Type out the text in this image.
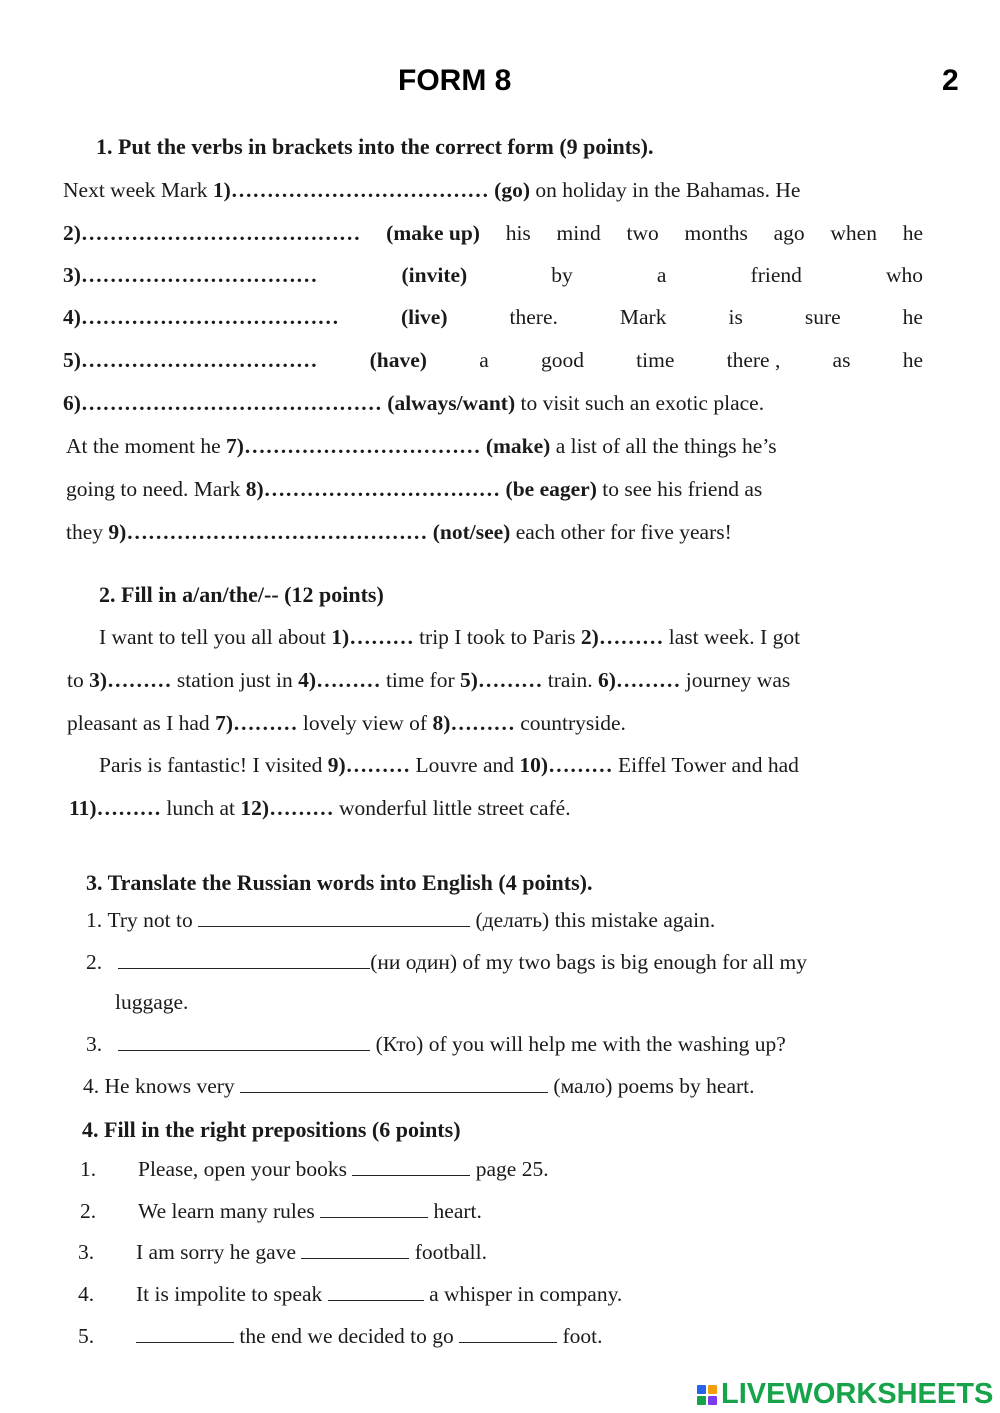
FORM 8	2
1. Put the verbs in brackets into the correct form (9 points).
Next week Mark 1)……………………………… (go) on holiday in the Bahamas. He
2)………………………………… (make up) his mind two months ago when he
3)……………………………	(invite)	by	a	friend	who
4)………………………………	(live)	there.	Mark	is	sure	he
5)…………………………… (have) a good time there , as he
6)…………………………………… (always/want) to visit such an exotic place.
At the moment he 7)…………………………… (make) a list of all the things he’s
going to need. Mark 8)…………………………… (be eager) to see his friend as
they 9)…………………………………… (not/see) each other for five years!
2. Fill in a/an/the/-- (12 points)
I want to tell you all about 1)……… trip I took to Paris 2)……… last week. I got
to 3)……… station just in 4)……… time for 5)……… train. 6)……… journey was
pleasant as I had 7)……… lovely view of 8)……… countryside.
Paris is fantastic! I visited 9)……… Louvre and 10)……… Eiffel Tower and had
11)……… lunch at 12)……… wonderful little street café.
3. Translate the Russian words into English (4 points).
1. Try not to	(делать) this mistake again.
2.	(ни один) of my two bags is big enough for all my
luggage.
3.	(Кто) of you will help me with the washing up?
4. He knows very	(мало) poems by heart.
4. Fill in the right prepositions (6 points)
1. Please, open your books	page 25.
2. We learn many rules	heart.
3. I am sorry he gave	football.
4. It is impolite to speak	a whisper in company.
5.	the end we decided to go	foot.
LIVEWORKSHEETS
